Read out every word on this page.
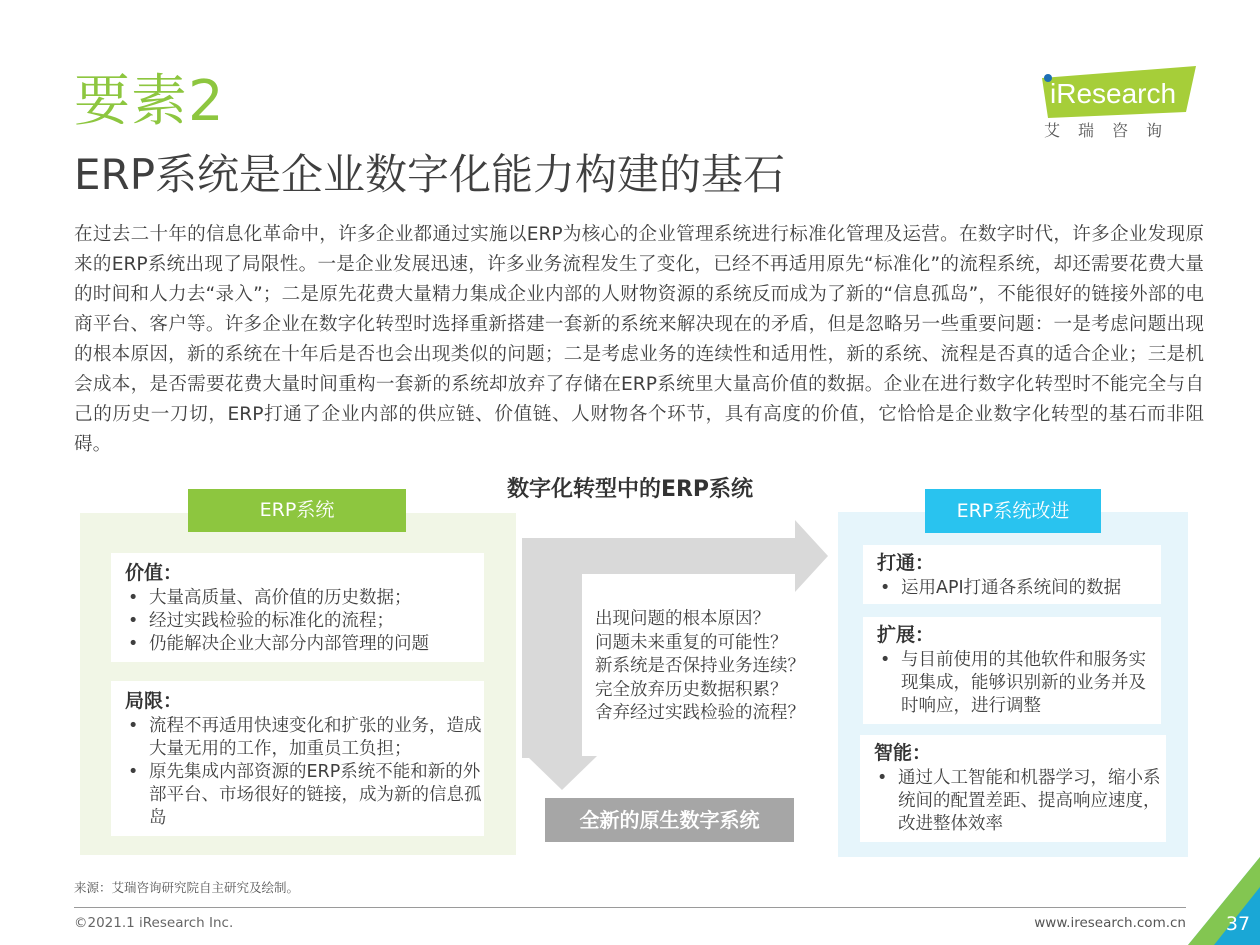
要素2
ERP系统是企业数字化能力构建的基石
iResearch
艾瑞咨询
在过去二十年的信息化革命中，许多企业都通过实施以ERP为核心的企业管理系统进行标准化管理及运营。在数字时代，许多企业发现原来的ERP系统出现了局限性。一是企业发展迅速，许多业务流程发生了变化，已经不再适用原先“标准化”的流程系统，却还需要花费大量的时间和人力去“录入”；二是原先花费大量精力集成企业内部的人财物资源的系统反而成为了新的“信息孤岛”，不能很好的链接外部的电商平台、客户等。许多企业在数字化转型时选择重新搭建一套新的系统来解决现在的矛盾，但是忽略另一些重要问题：一是考虑问题出现的根本原因，新的系统在十年后是否也会出现类似的问题；二是考虑业务的连续性和适用性，新的系统、流程是否真的适合企业；三是机会成本，是否需要花费大量时间重构一套新的系统却放弃了存储在ERP系统里大量高价值的数据。企业在进行数字化转型时不能完全与自己的历史一刀切，ERP打通了企业内部的供应链、价值链、人财物各个环节，具有高度的价值，它恰恰是企业数字化转型的基石而非阻碍。
数字化转型中的ERP系统
ERP系统
价值：
• 大量高质量、高价值的历史数据；
• 经过实践检验的标准化的流程；
• 仍能解决企业大部分内部管理的问题
局限：
• 流程不再适用快速变化和扩张的业务，造成大量无用的工作，加重员工负担；
• 原先集成内部资源的ERP系统不能和新的外部平台、市场很好的链接，成为新的信息孤岛
出现问题的根本原因？
问题未来重复的可能性？
新系统是否保持业务连续？
完全放弃历史数据积累？
舍弃经过实践检验的流程？
全新的原生数字系统
ERP系统改进
打通：
• 运用API打通各系统间的数据
扩展：
• 与目前使用的其他软件和服务实现集成，能够识别新的业务并及时响应，进行调整
智能：
• 通过人工智能和机器学习，缩小系统间的配置差距、提高响应速度，改进整体效率
来源：艾瑞咨询研究院自主研究及绘制。
©2021.1 iResearch Inc.	www.iresearch.com.cn	37
